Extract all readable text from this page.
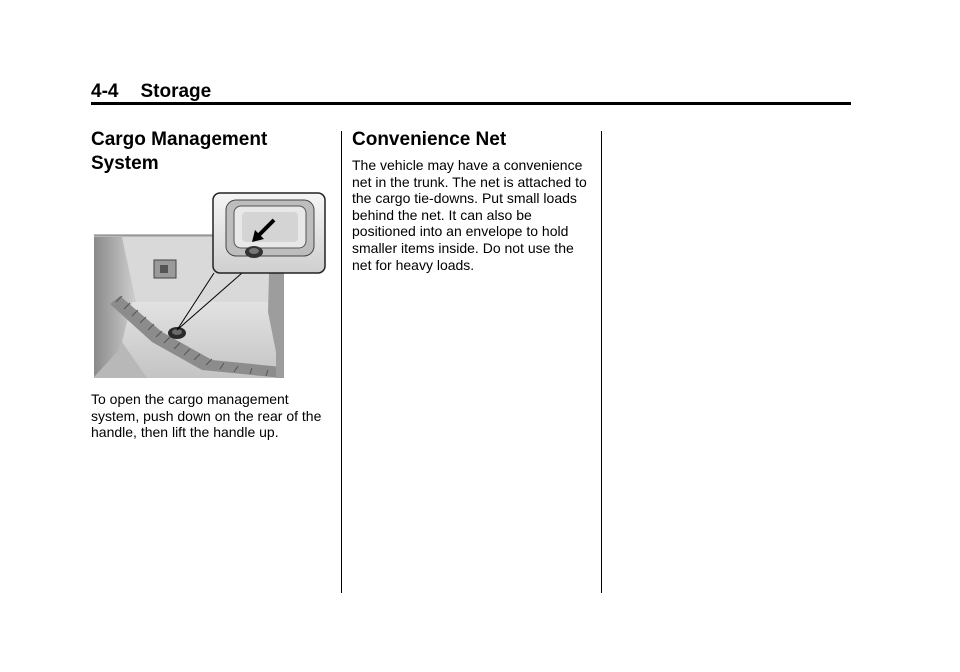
4-4 Storage
Cargo Management System

To open the cargo management system, push down on the rear of the handle, then lift the handle up.

Convenience Net

The vehicle may have a convenience net in the trunk. The net is attached to the cargo tie-downs. Put small loads behind the net. It can also be positioned into an envelope to hold smaller items inside. Do not use the net for heavy loads.
